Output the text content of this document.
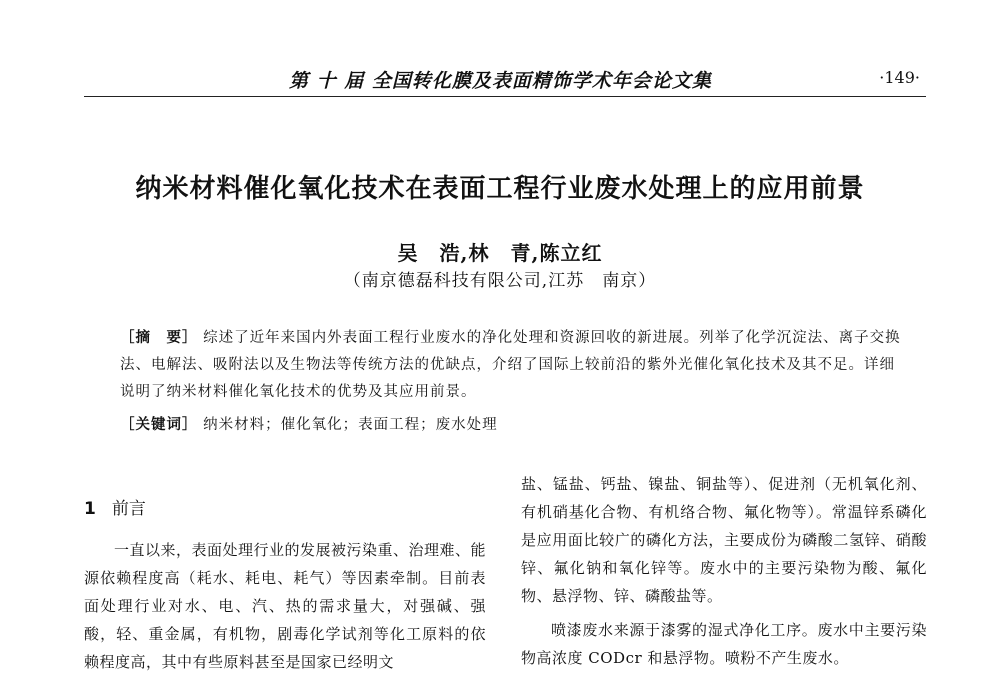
第 十 届 全国转化膜及表面精饰学术年会论文集	·149·
纳米材料催化氧化技术在表面工程行业废水处理上的应用前景
吴　浩,林　青,陈立红
（南京德磊科技有限公司,江苏　南京）
［摘　要］ 综述了近年来国内外表面工程行业废水的净化处理和资源回收的新进展。列举了化学沉淀法、离子交换法、电解法、吸附法以及生物法等传统方法的优缺点，介绍了国际上较前沿的紫外光催化氧化技术及其不足。详细说明了纳米材料催化氧化技术的优势及其应用前景。
［关键词］ 纳米材料；催化氧化；表面工程；废水处理
1 前言

一直以来，表面处理行业的发展被污染重、治理难、能源依赖程度高（耗水、耗电、耗气）等因素牵制。目前表面处理行业对水、电、汽、热的需求量大，对强碱、强酸，轻、重金属，有机物，剧毒化学试剂等化工原料的依赖程度高，其中有些原料甚至是国家已经明文

盐、锰盐、钙盐、镍盐、铜盐等）、促进剂（无机氧化剂、有机硝基化合物、有机络合物、氟化物等）。常温锌系磷化是应用面比较广的磷化方法，主要成份为磷酸二氢锌、硝酸锌、氟化钠和氧化锌等。废水中的主要污染物为酸、氟化物、悬浮物、锌、磷酸盐等。

喷漆废水来源于漆雾的湿式净化工序。废水中主要污染物高浓度 CODcr 和悬浮物。喷粉不产生废水。
